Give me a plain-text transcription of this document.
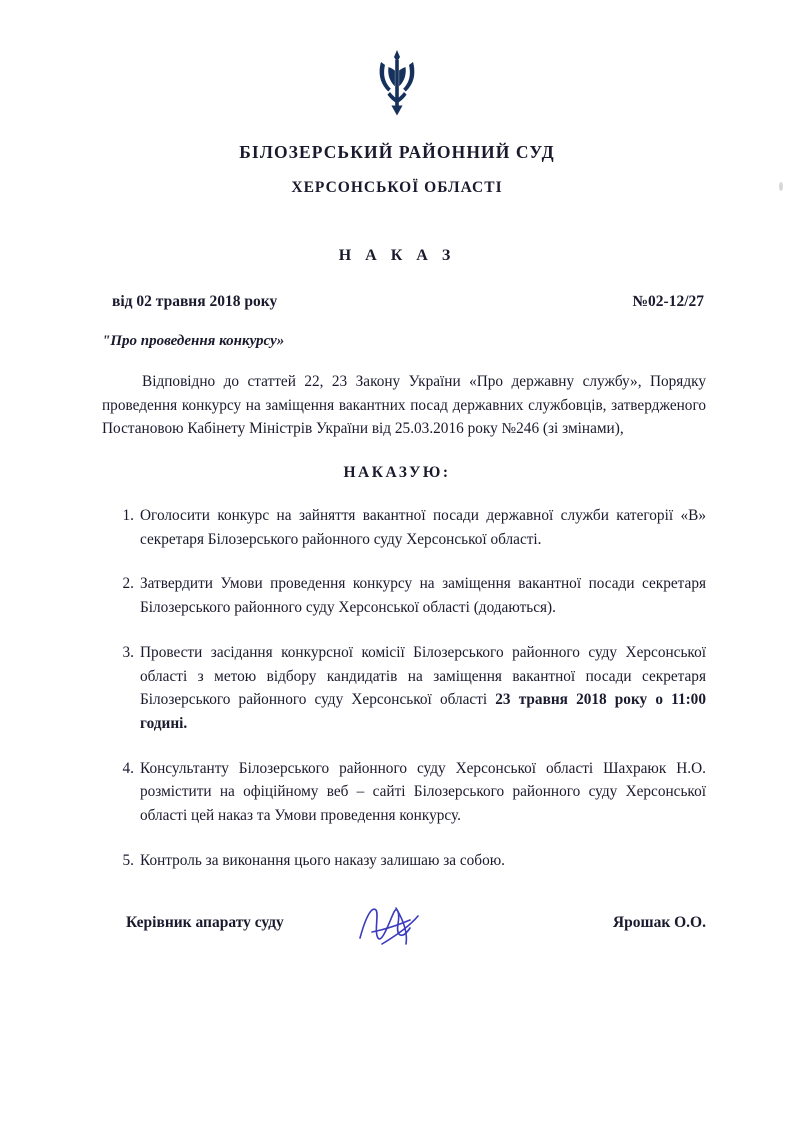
БІЛОЗЕРСЬКИЙ РАЙОННИЙ СУД
ХЕРСОНСЬКОЇ ОБЛАСТІ
Н А К А З
від 02 травня 2018 року	№02-12/27
"Про проведення конкурсу»
Відповідно до статтей 22, 23 Закону України «Про державну службу», Порядку проведення конкурсу на заміщення вакантних посад державних службовців, затвердженого Постановою Кабінету Міністрів України від 25.03.2016 року №246 (зі змінами),
НАКАЗУЮ:
Оголосити конкурс на зайняття вакантної посади державної служби категорії «В» секретаря Білозерського районного суду Херсонської області.
Затвердити Умови проведення конкурсу на заміщення вакантної посади секретаря Білозерського районного суду Херсонської області (додаються).
Провести засідання конкурсної комісії Білозерського районного суду Херсонської області з метою відбору кандидатів на заміщення вакантної посади секретаря Білозерського районного суду Херсонської області 23 травня 2018 року о 11:00 годині.
Консультанту Білозерського районного суду Херсонської області Шахраюк Н.О. розмістити на офіційному веб – сайті Білозерського районного суду Херсонської області цей наказ та Умови проведення конкурсу.
Контроль за виконання цього наказу залишаю за собою.
Керівник апарату суду	Ярошак О.О.
